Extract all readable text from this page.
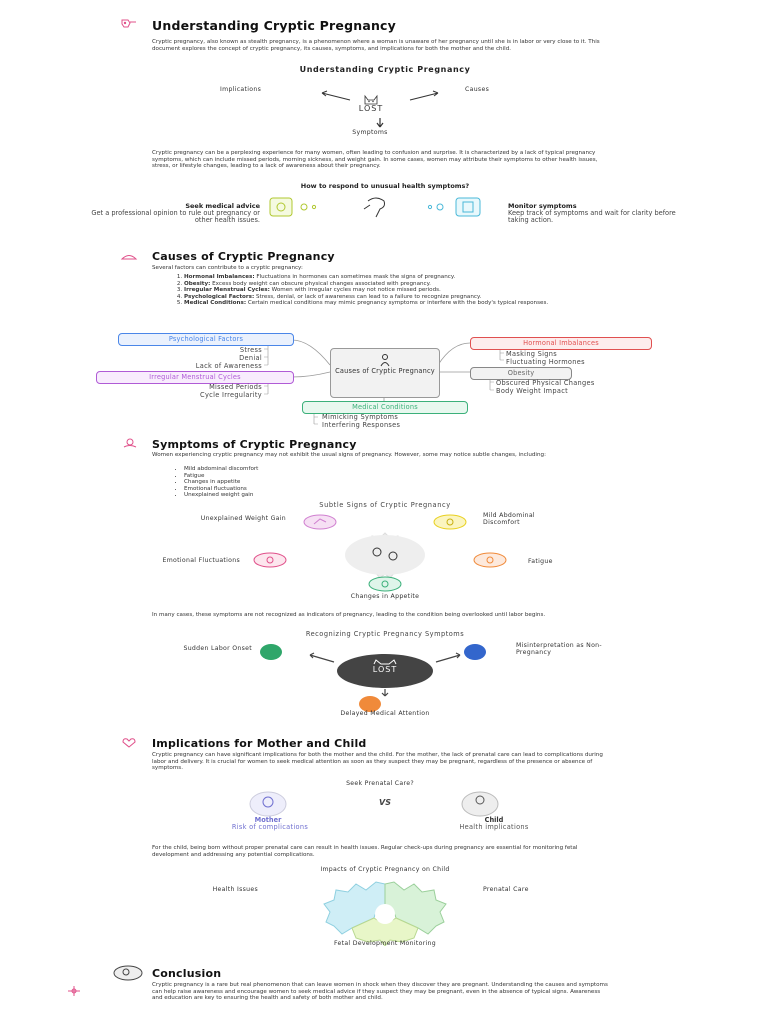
Understanding Cryptic Pregnancy
Cryptic pregnancy, also known as stealth pregnancy, is a phenomenon where a woman is unaware of her pregnancy until she is in labor or very close to it. This document explores the concept of cryptic pregnancy, its causes, symptoms, and implications for both the mother and the child.
Understanding Cryptic Pregnancy
Implications	Causes
LOST
Symptoms
Cryptic pregnancy can be a perplexing experience for many women, often leading to confusion and surprise. It is characterized by a lack of typical pregnancy symptoms, which can include missed periods, morning sickness, and weight gain. In some cases, women may attribute their symptoms to other health issues, stress, or lifestyle changes, leading to a lack of awareness about their pregnancy.
How to respond to unusual health symptoms?
Seek medical advice
Get a professional opinion to rule out pregnancy or other health issues.
Monitor symptoms
Keep track of symptoms and wait for clarity before taking action.
Causes of Cryptic Pregnancy
Several factors can contribute to a cryptic pregnancy:
1. Hormonal Imbalances: Fluctuations in hormones can sometimes mask the signs of pregnancy.
2. Obesity: Excess body weight can obscure physical changes associated with pregnancy.
3. Irregular Menstrual Cycles: Women with irregular cycles may not notice missed periods.
4. Psychological Factors: Stress, denial, or lack of awareness can lead to a failure to recognize pregnancy.
5. Medical Conditions: Certain medical conditions may mimic pregnancy symptoms or interfere with the body's typical responses.
Causes of Cryptic Pregnancy
Psychological Factors
Stress
Denial
Lack of Awareness
Irregular Menstrual Cycles
Missed Periods
Cycle Irregularity
Hormonal Imbalances
Masking Signs
Fluctuating Hormones
Obesity
Obscured Physical Changes
Body Weight Impact
Medical Conditions
Mimicking Symptoms
Interfering Responses
Symptoms of Cryptic Pregnancy
Women experiencing cryptic pregnancy may not exhibit the usual signs of pregnancy. However, some may notice subtle changes, including:
• Mild abdominal discomfort
• Fatigue
• Changes in appetite
• Emotional fluctuations
• Unexplained weight gain
Subtle Signs of Cryptic Pregnancy
Unexplained Weight Gain	Mild Abdominal Discomfort
Emotional Fluctuations	Fatigue
Changes in Appetite
In many cases, these symptoms are not recognized as indicators of pregnancy, leading to the condition being overlooked until labor begins.
Recognizing Cryptic Pregnancy Symptoms
LOST
Sudden Labor Onset	Misinterpretation as Non-Pregnancy
Delayed Medical Attention
Implications for Mother and Child
Cryptic pregnancy can have significant implications for both the mother and the child. For the mother, the lack of prenatal care can lead to complications during labor and delivery. It is crucial for women to seek medical attention as soon as they suspect they may be pregnant, regardless of the presence or absence of symptoms.
Seek Prenatal Care?
VS
Mother
Risk of complications
Child
Health implications
For the child, being born without proper prenatal care can result in health issues. Regular check-ups during pregnancy are essential for monitoring fetal development and addressing any potential complications.
Impacts of Cryptic Pregnancy on Child
Health Issues	Prenatal Care
Fetal Development Monitoring
Conclusion
Cryptic pregnancy is a rare but real phenomenon that can leave women in shock when they discover they are pregnant. Understanding the causes and symptoms can help raise awareness and encourage women to seek medical advice if they suspect they may be pregnant, even in the absence of typical signs. Awareness and education are key to ensuring the health and safety of both mother and child.
